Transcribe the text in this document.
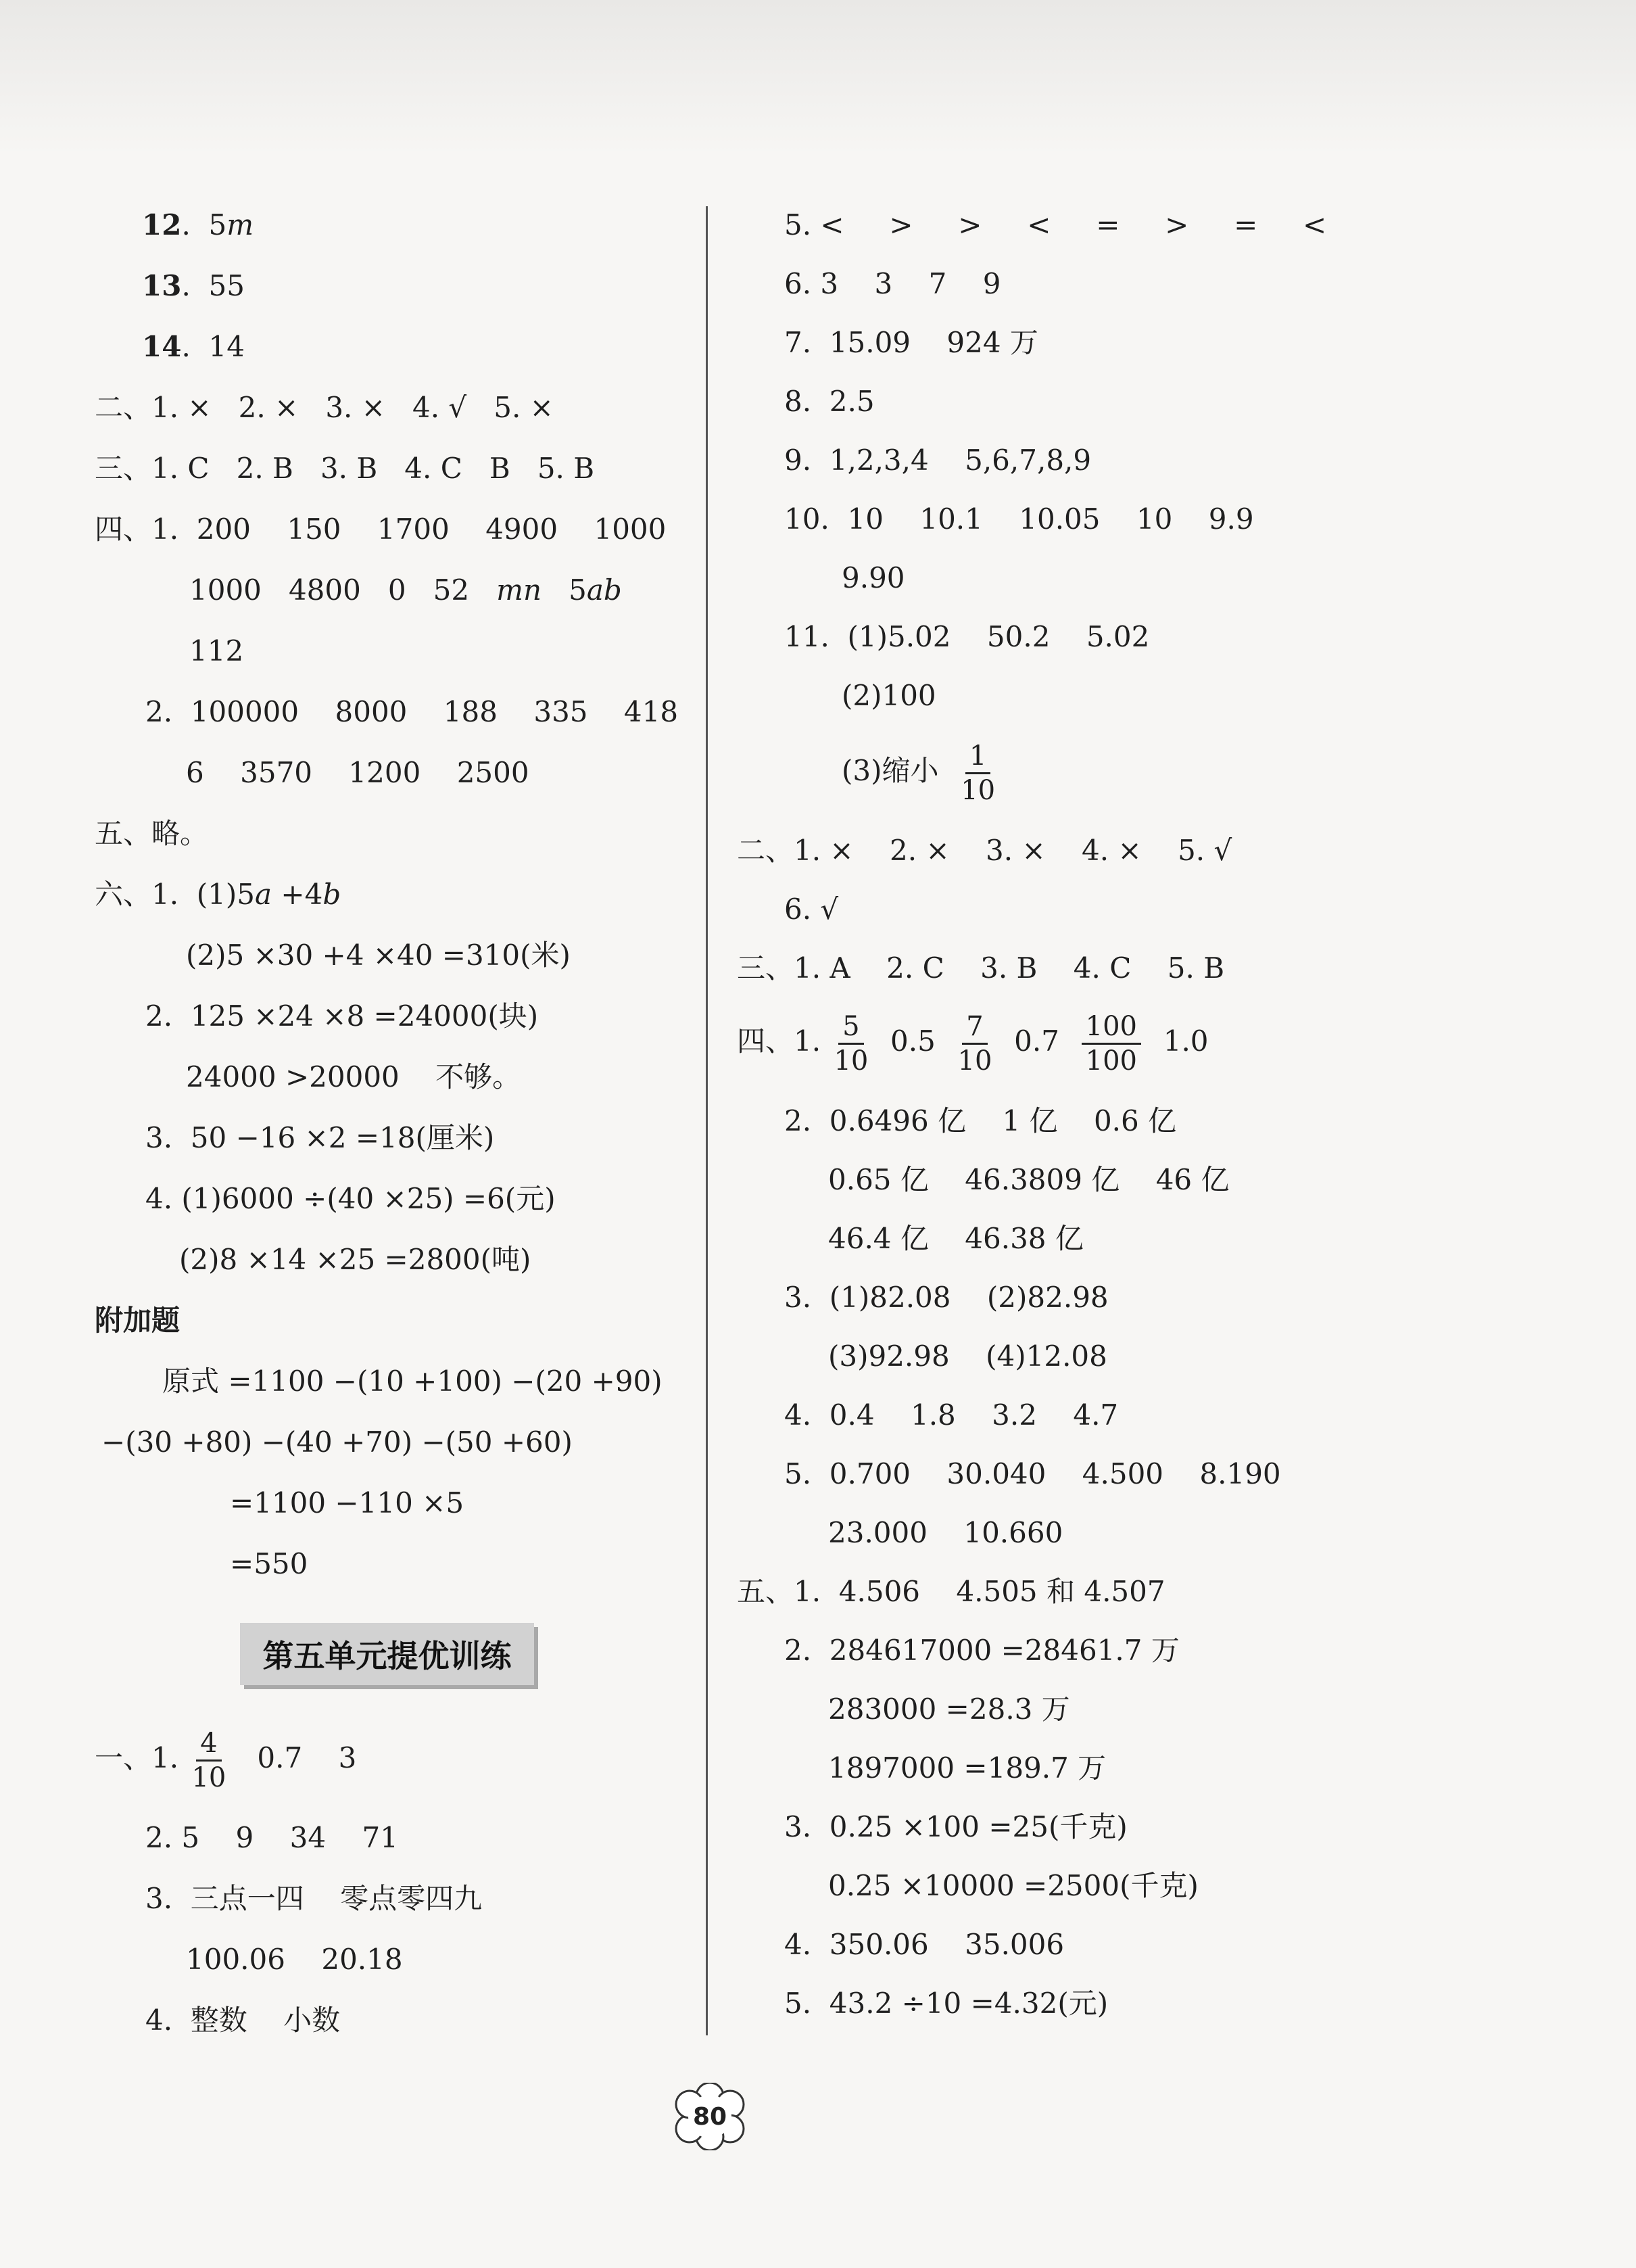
12.  5m
13.  55
14.  14
二、1. ×   2. ×   3. ×   4. √   5. ×
三、1. C   2. B   3. B   4. C   B   5. B
四、1.  200    150    1700    4900    1000
1000   4800   0   52   mn   5ab
112
2.  100000    8000    188    335    418
6    3570    1200    2500
五、略。
六、1.  (1)5a +4b
(2)5 ×30 +4 ×40 =310(米)
2.  125 ×24 ×8 =24000(块)
24000 >20000    不够。
3.  50 −16 ×2 =18(厘米)
4. (1)6000 ÷(40 ×25) =6(元)
(2)8 ×14 ×25 =2800(吨)
附加题
原式 =1100 −(10 +100) −(20 +90)
−(30 +80) −(40 +70) −(50 +60)
=1100 −110 ×5
=550
第五单元提优训练
一、1. $\frac{4}{10} 0.7$    3
2. 5    9    34    71
3.  三点一四    零点零四九
100.06    20.18
4.  整数    小数
5. <     >     >     <     =     >     =     <
6. 3    3    7    9
7.  15.09    924 万
8.  2.5
9.  1,2,3,4    5,6,7,8,9
10.  10    10.1    10.05    10    9.9
9.90
11.  (1)5.02    50.2    5.02
(2)100
(3)缩小 $\frac{1}{10}$
二、1. ×    2. ×    3. ×    4. ×    5. √
6. √
三、1. A    2. C    3. B    4. C    5. B
四、1. $\frac{5}{10} 0.5 \frac{7}{10} 0.7 \frac{100}{100} 1.0$
2.  0.6496 亿    1 亿    0.6 亿
0.65 亿    46.3809 亿    46 亿
46.4 亿    46.38 亿
3.  (1)82.08    (2)82.98
(3)92.98    (4)12.08
4.  0.4    1.8    3.2    4.7
5.  0.700    30.040    4.500    8.190
23.000    10.660
五、1.  4.506    4.505 和 4.507
2.  284617000 =28461.7 万
283000 =28.3 万
1897000 =189.7 万
3.  0.25 ×100 =25(千克)
0.25 ×10000 =2500(千克)
4.  350.06    35.006
5.  43.2 ÷10 =4.32(元)
80
